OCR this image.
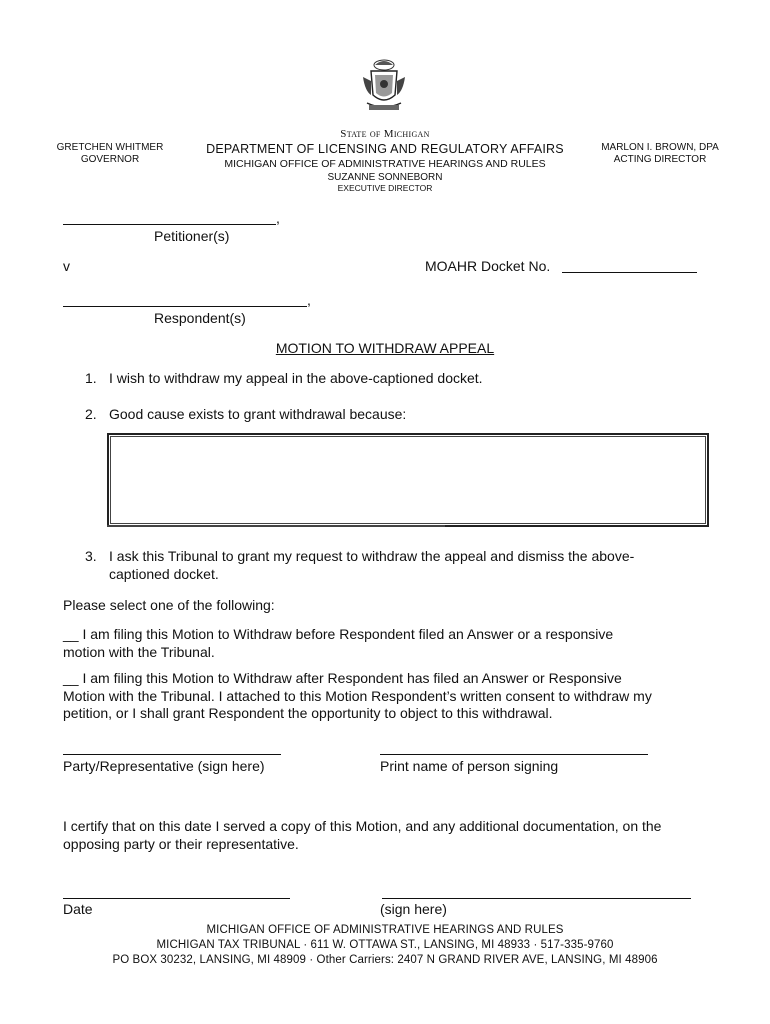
GRETCHEN WHITMER
GOVERNOR
State of Michigan
DEPARTMENT OF LICENSING AND REGULATORY AFFAIRS
MICHIGAN OFFICE OF ADMINISTRATIVE HEARINGS AND RULES
SUZANNE SONNEBORN
EXECUTIVE DIRECTOR
MARLON I. BROWN, DPA
ACTING DIRECTOR
,
Petitioner(s)
v	MOAHR Docket No.
,
Respondent(s)
MOTION TO WITHDRAW APPEAL
1. I wish to withdraw my appeal in the above-captioned docket.
2. Good cause exists to grant withdrawal because:
3. I ask this Tribunal to grant my request to withdraw the appeal and dismiss the above-
captioned docket.
Please select one of the following:
__ I am filing this Motion to Withdraw before Respondent filed an Answer or a responsive
motion with the Tribunal.
__ I am filing this Motion to Withdraw after Respondent has filed an Answer or Responsive
Motion with the Tribunal. I attached to this Motion Respondent’s written consent to withdraw my
petition, or I shall grant Respondent the opportunity to object to this withdrawal.
Party/Representative (sign here)	Print name of person signing
I certify that on this date I served a copy of this Motion, and any additional documentation, on the
opposing party or their representative.
Date	(sign here)
MICHIGAN OFFICE OF ADMINISTRATIVE HEARINGS AND RULES
MICHIGAN TAX TRIBUNAL · 611 W. OTTAWA ST., LANSING, MI 48933 · 517-335-9760
PO BOX 30232, LANSING, MI 48909 · Other Carriers: 2407 N GRAND RIVER AVE, LANSING, MI 48906
